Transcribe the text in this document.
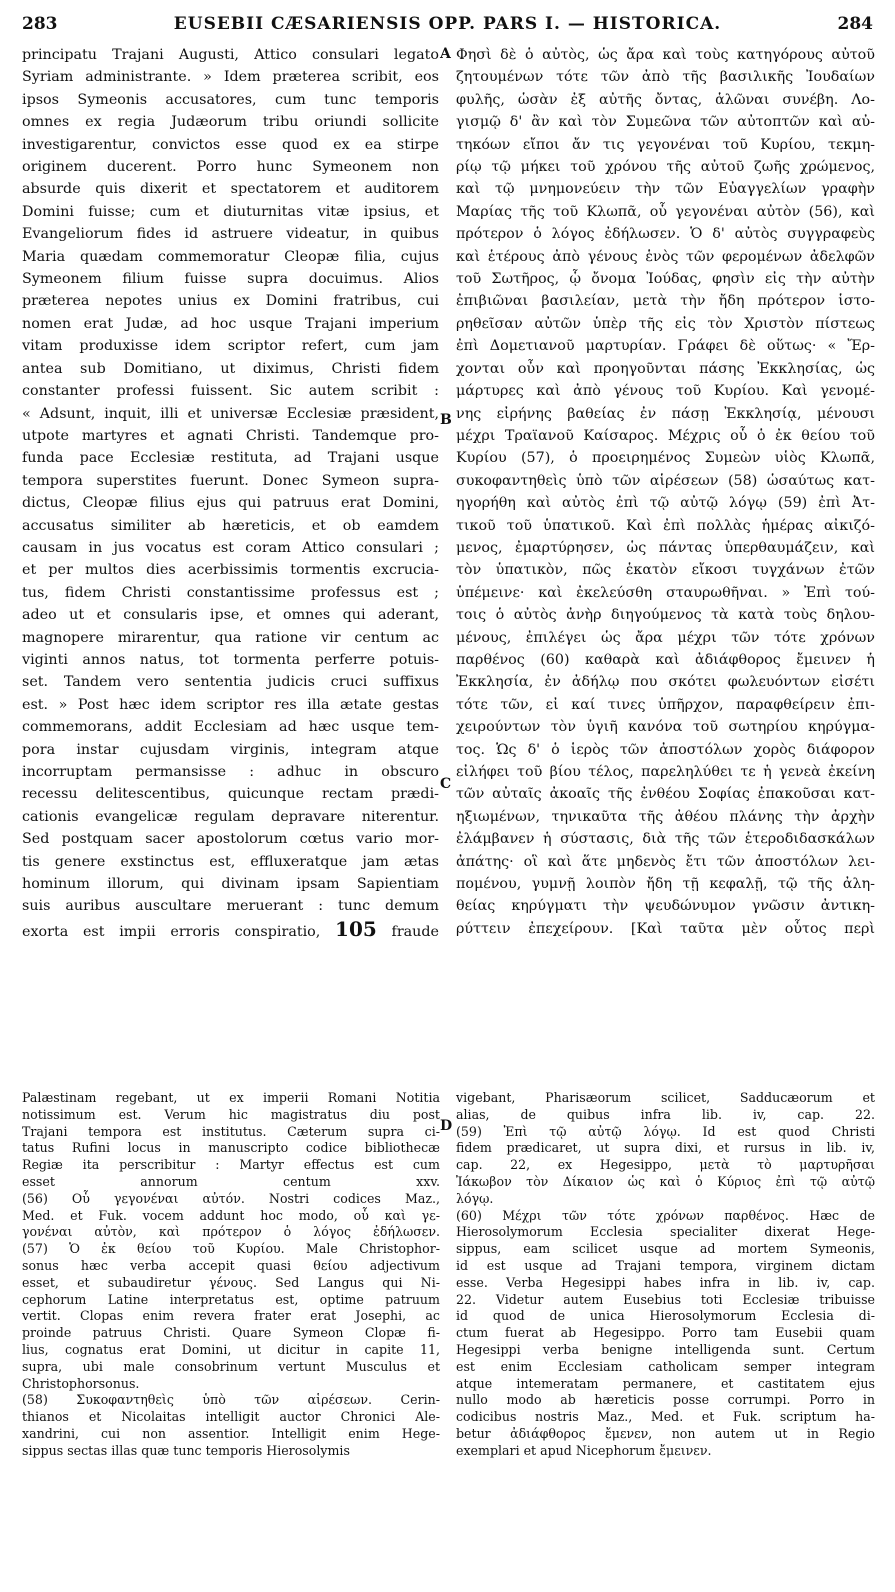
283	EUSEBII CÆSARIENSIS OPP. PARS I. — HISTORICA.	284
A
B
C
D
principatu Trajani Augusti, Attico consulari legato
Syriam administrante. » Idem præterea scribit, eos
ipsos Symeonis accusatores, cum tunc temporis
omnes ex regia Judæorum tribu oriundi sollicite
investigarentur, convictos esse quod ex ea stirpe
originem ducerent. Porro hunc Symeonem non
absurde quis dixerit et spectatorem et auditorem
Domini fuisse; cum et diuturnitas vitæ ipsius, et
Evangeliorum fides id astruere videatur, in quibus
Maria quædam commemoratur Cleopæ filia, cujus
Symeonem filium fuisse supra docuimus. Alios
præterea nepotes unius ex Domini fratribus, cui
nomen erat Judæ, ad hoc usque Trajani imperium
vitam produxisse idem scriptor refert, cum jam
antea sub Domitiano, ut diximus, Christi fidem
constanter professi fuissent. Sic autem scribit :
« Adsunt, inquit, illi et universæ Ecclesiæ præsident,
utpote martyres et agnati Christi. Tandemque pro-
funda pace Ecclesiæ restituta, ad Trajani usque
tempora superstites fuerunt. Donec Symeon supra-
dictus, Cleopæ filius ejus qui patruus erat Domini,
accusatus similiter ab hæreticis, et ob eamdem
causam in jus vocatus est coram Attico consulari ;
et per multos dies acerbissimis tormentis excrucia-
tus, fidem Christi constantissime professus est ;
adeo ut et consularis ipse, et omnes qui aderant,
magnopere mirarentur, qua ratione vir centum ac
viginti annos natus, tot tormenta perferre potuis-
set. Tandem vero sententia judicis cruci suffixus
est. » Post hæc idem scriptor res illa ætate gestas
commemorans, addit Ecclesiam ad hæc usque tem-
pora instar cujusdam virginis, integram atque
incorruptam permansisse : adhuc in obscuro
recessu delitescentibus, quicunque rectam prædi-
cationis evangelicæ regulam depravare niterentur.
Sed postquam sacer apostolorum cœtus vario mor-
tis genere exstinctus est, effluxeratque jam ætas
hominum illorum, qui divinam ipsam Sapientiam
suis auribus auscultare meruerant : tunc demum
exorta est impii erroris conspiratio, 105 fraude
Φησὶ δὲ ὁ αὐτὸς, ὡς ἄρα καὶ τοὺς κατηγόρους αὐτοῦ
ζητουμένων τότε τῶν ἀπὸ τῆς βασιλικῆς Ἰουδαίων
φυλῆς, ὡσὰν ἐξ αὐτῆς ὄντας, ἁλῶναι συνέβη. Λο-
γισμῷ δ' ἂν καὶ τὸν Συμεῶνα τῶν αὐτοπτῶν καὶ αὐ-
τηκόων εἴποι ἄν τις γεγονέναι τοῦ Κυρίου, τεκμη-
ρίῳ τῷ μήκει τοῦ χρόνου τῆς αὐτοῦ ζωῆς χρώμενος,
καὶ τῷ μνημονεύειν τὴν τῶν Εὐαγγελίων γραφὴν
Μαρίας τῆς τοῦ Κλωπᾶ, οὗ γεγονέναι αὐτὸν (56), καὶ
πρότερον ὁ λόγος ἐδήλωσεν. Ὁ δ' αὐτὸς συγγραφεὺς
καὶ ἑτέρους ἀπὸ γένους ἑνὸς τῶν φερομένων ἀδελφῶν
τοῦ Σωτῆρος, ᾧ ὄνομα Ἰούδας, φησὶν εἰς τὴν αὐτὴν
ἐπιβιῶναι βασιλείαν, μετὰ τὴν ἤδη πρότερον ἱστο-
ρηθεῖσαν αὐτῶν ὑπὲρ τῆς εἰς τὸν Χριστὸν πίστεως
ἐπὶ Δομετιανοῦ μαρτυρίαν. Γράφει δὲ οὕτως· « Ἔρ-
χονται οὖν καὶ προηγοῦνται πάσης Ἐκκλησίας, ὡς
μάρτυρες καὶ ἀπὸ γένους τοῦ Κυρίου. Καὶ γενομέ-
νης εἰρήνης βαθείας ἐν πάσῃ Ἐκκλησίᾳ, μένουσι
μέχρι Τραϊανοῦ Καίσαρος. Μέχρις οὗ ὁ ἐκ θείου τοῦ
Κυρίου (57), ὁ προειρημένος Συμεὼν υἱὸς Κλωπᾶ,
συκοφαντηθεὶς ὑπὸ τῶν αἱρέσεων (58) ὡσαύτως κατ-
ηγορήθη καὶ αὐτὸς ἐπὶ τῷ αὐτῷ λόγῳ (59) ἐπὶ Ἀτ-
τικοῦ τοῦ ὑπατικοῦ. Καὶ ἐπὶ πολλὰς ἡμέρας αἰκιζό-
μενος, ἐμαρτύρησεν, ὡς πάντας ὑπερθαυμάζειν, καὶ
τὸν ὑπατικὸν, πῶς ἑκατὸν εἴκοσι τυγχάνων ἐτῶν
ὑπέμεινε· καὶ ἐκελεύσθη σταυρωθῆναι. » Ἐπὶ τού-
τοις ὁ αὐτὸς ἀνὴρ διηγούμενος τὰ κατὰ τοὺς δηλου-
μένους, ἐπιλέγει ὡς ἄρα μέχρι τῶν τότε χρόνων
παρθένος (60) καθαρὰ καὶ ἀδιάφθορος ἔμεινεν ἡ
Ἐκκλησία, ἐν ἀδήλῳ που σκότει φωλευόντων εἰσέτι
τότε τῶν, εἰ καί τινες ὑπῆρχον, παραφθείρειν ἐπι-
χειρούντων τὸν ὑγιῆ κανόνα τοῦ σωτηρίου κηρύγμα-
τος. Ὡς δ' ὁ ἱερὸς τῶν ἀποστόλων χορὸς διάφορον
εἰλήφει τοῦ βίου τέλος, παρεληλύθει τε ἡ γενεὰ ἐκείνη
τῶν αὐταῖς ἀκοαῖς τῆς ἐνθέου Σοφίας ἐπακοῦσαι κατ-
ηξιωμένων, τηνικαῦτα τῆς ἀθέου πλάνης τὴν ἀρχὴν
ἐλάμβανεν ἡ σύστασις, διὰ τῆς τῶν ἑτεροδιδασκάλων
ἀπάτης· οἳ καὶ ἅτε μηδενὸς ἔτι τῶν ἀποστόλων λει-
πομένου, γυμνῇ λοιπὸν ἤδη τῇ κεφαλῇ, τῷ τῆς ἀλη-
θείας κηρύγματι τὴν ψευδώνυμον γνῶσιν ἀντικη-
ρύττειν ἐπεχείρουν. [Καὶ ταῦτα μὲν οὗτος περὶ
Palæstinam regebant, ut ex imperii Romani Notitia
notissimum est. Verum hic magistratus diu post
Trajani tempora est institutus. Cæterum supra ci-
tatus Rufini locus in manuscripto codice bibliothecæ
Regiæ ita perscribitur : Martyr effectus est cum
esset annorum centum xxv.
(56) Οὗ γεγονέναι αὐτόν. Nostri codices Maz.,
Med. et Fuk. vocem addunt hoc modo, οὗ καὶ γε-
γονέναι αὐτὸν, καὶ πρότερον ὁ λόγος ἐδήλωσεν.
(57) Ὁ ἐκ θείου τοῦ Κυρίου. Male Christophor-
sonus hæc verba accepit quasi θείου adjectivum
esset, et subaudiretur γένους. Sed Langus qui Ni-
cephorum Latine interpretatus est, optime patruum
vertit. Clopas enim revera frater erat Josephi, ac
proinde patruus Christi. Quare Symeon Clopæ fi-
lius, cognatus erat Domini, ut dicitur in capite 11,
supra, ubi male consobrinum vertunt Musculus et
Christophorsonus.
(58) Συκοφαντηθεὶς ὑπὸ τῶν αἱρέσεων. Cerin-
thianos et Nicolaitas intelligit auctor Chronici Ale-
xandrini, cui non assentior. Intelligit enim Hege-
sippus sectas illas quæ tunc temporis Hierosolymis
vigebant, Pharisæorum scilicet, Sadducæorum et
alias, de quibus infra lib. iv, cap. 22.
(59) Ἐπὶ τῷ αὐτῷ λόγῳ. Id est quod Christi
fidem prædicaret, ut supra dixi, et rursus in lib. iv,
cap. 22, ex Hegesippo, μετὰ τὸ μαρτυρῆσαι
Ἰάκωβον τὸν Δίκαιον ὡς καὶ ὁ Κύριος ἐπὶ τῷ αὐτῷ
λόγῳ.
(60) Μέχρι τῶν τότε χρόνων παρθένος. Hæc de
Hierosolymorum Ecclesia specialiter dixerat Hege-
sippus, eam scilicet usque ad mortem Symeonis,
id est usque ad Trajani tempora, virginem dictam
esse. Verba Hegesippi habes infra in lib. iv, cap.
22. Videtur autem Eusebius toti Ecclesiæ tribuisse
id quod de unica Hierosolymorum Ecclesia di-
ctum fuerat ab Hegesippo. Porro tam Eusebii quam
Hegesippi verba benigne intelligenda sunt. Certum
est enim Ecclesiam catholicam semper integram
atque intemeratam permanere, et castitatem ejus
nullo modo ab hæreticis posse corrumpi. Porro in
codicibus nostris Maz., Med. et Fuk. scriptum ha-
betur ἀδιάφθορος ἔμενεν, non autem ut in Regio
exemplari et apud Nicephorum ἔμεινεν.
